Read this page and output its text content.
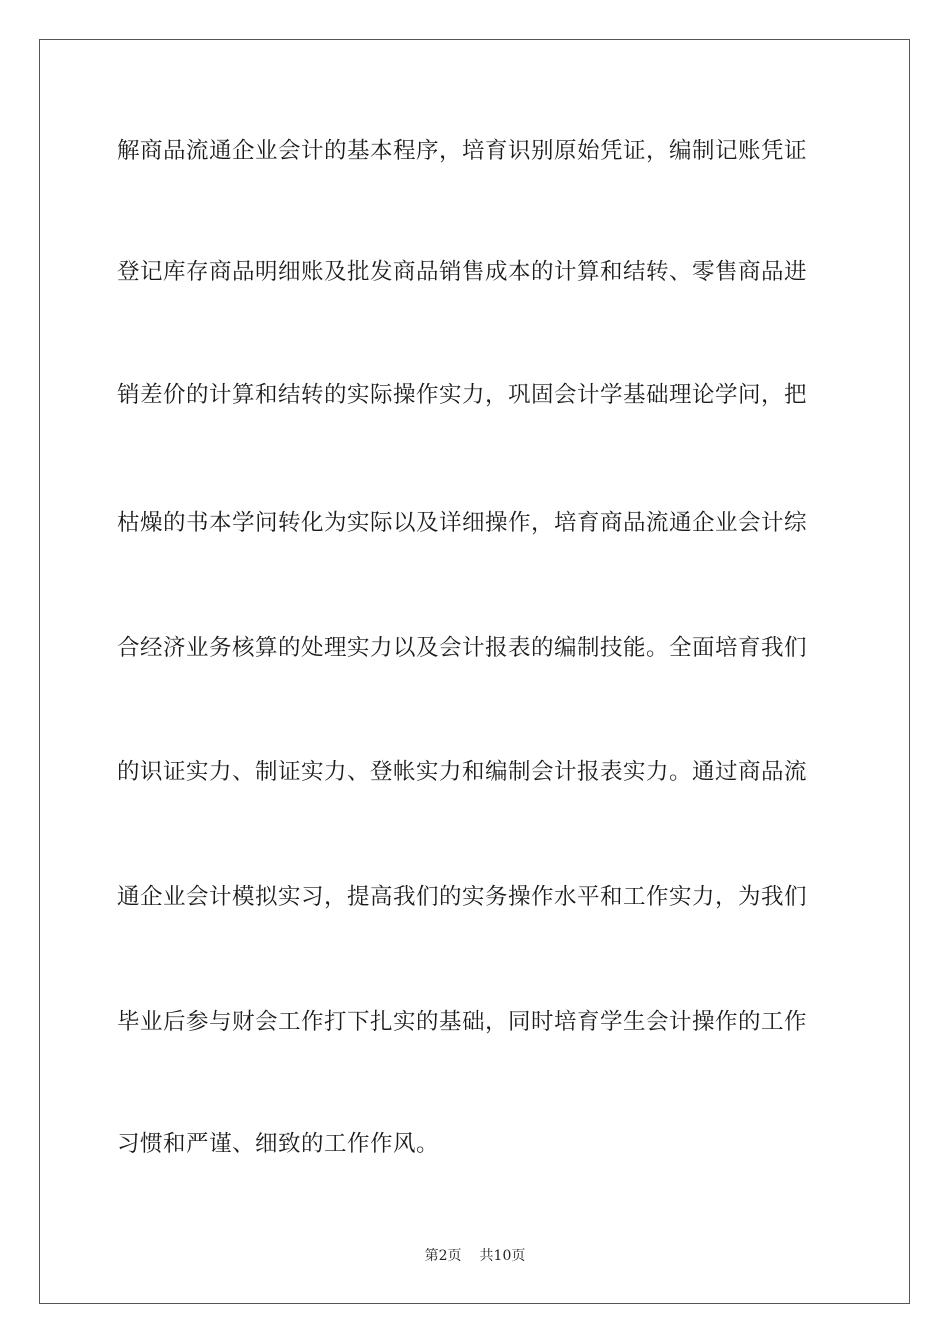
解商品流通企业会计的基本程序，培育识别原始凭证，编制记账凭证
登记库存商品明细账及批发商品销售成本的计算和结转、零售商品进
销差价的计算和结转的实际操作实力，巩固会计学基础理论学问，把
枯燥的书本学问转化为实际以及详细操作，培育商品流通企业会计综
合经济业务核算的处理实力以及会计报表的编制技能。全面培育我们
的识证实力、制证实力、登帐实力和编制会计报表实力。通过商品流
通企业会计模拟实习，提高我们的实务操作水平和工作实力，为我们
毕业后参与财会工作打下扎实的基础，同时培育学生会计操作的工作
习惯和严谨、细致的工作作风。
第2页 共10页
